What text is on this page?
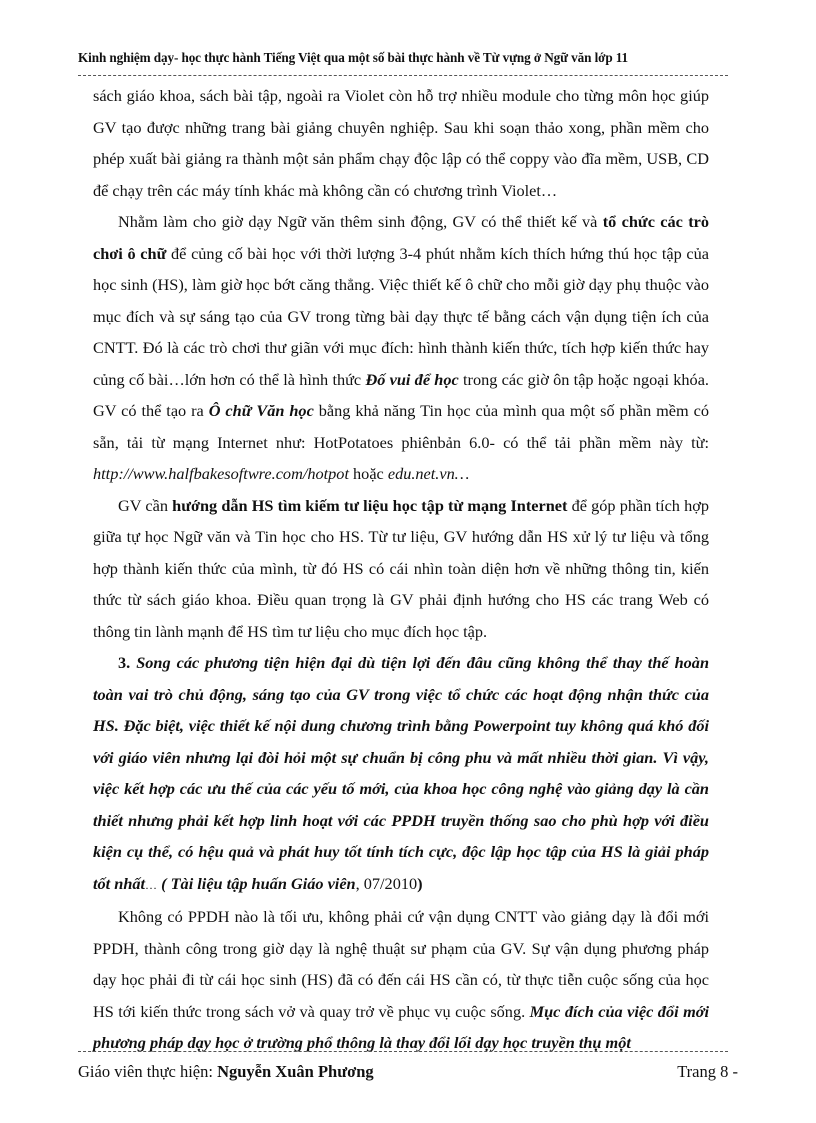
Kinh nghiệm dạy- học thực hành Tiếng Việt qua một số bài thực hành về Từ vựng ở Ngữ văn lớp 11

sách giáo khoa, sách bài tập, ngoài ra Violet còn hỗ trợ nhiều module cho từng môn học giúp GV tạo được những trang bài giảng chuyên nghiệp. Sau khi soạn thảo xong, phần mềm cho phép xuất bài giảng ra thành một sản phẩm chạy độc lập có thể coppy vào đĩa mềm, USB, CD để chạy trên các máy tính khác mà không cần có chương trình Violet…

Nhằm làm cho giờ dạy Ngữ văn thêm sinh động, GV có thể thiết kế và tổ chức các trò chơi ô chữ để củng cố bài học với thời lượng 3-4 phút nhằm kích thích hứng thú học tập của học sinh (HS), làm giờ học bớt căng thẳng. Việc thiết kế ô chữ cho mỗi giờ dạy phụ thuộc vào mục đích và sự sáng tạo của GV trong từng bài dạy thực tế bằng cách vận dụng tiện ích của CNTT. Đó là các trò chơi thư giãn với mục đích: hình thành kiến thức, tích hợp kiến thức hay củng cố bài…lớn hơn có thể là hình thức Đố vui để học trong các giờ ôn tập hoặc ngoại khóa. GV có thể tạo ra Ô chữ Văn học bằng khả năng Tin học của mình qua một số phần mềm có sẵn, tải từ mạng Internet như: HotPotatoes phiênbản 6.0- có thể tải phần mềm này từ: http://www.halfbakesoftwre.com/hotpot hoặc edu.net.vn…

GV cần hướng dẫn HS tìm kiếm tư liệu học tập từ mạng Internet để góp phần tích hợp giữa tự học Ngữ văn và Tin học cho HS. Từ tư liệu, GV hướng dẫn HS xử lý tư liệu và tổng hợp thành kiến thức của mình, từ đó HS có cái nhìn toàn diện hơn về những thông tin, kiến thức từ sách giáo khoa. Điều quan trọng là GV phải định hướng cho HS các trang Web có thông tin lành mạnh để HS tìm tư liệu cho mục đích học tập.

3. Song các phương tiện hiện đại dù tiện lợi đến đâu cũng không thể thay thế hoàn toàn vai trò chủ động, sáng tạo của GV trong việc tổ chức các hoạt động nhận thức của HS. Đặc biệt, việc thiết kế nội dung chương trình bằng Powerpoint tuy không quá khó đối với giáo viên nhưng lại đòi hỏi một sự chuẩn bị công phu và mất nhiều thời gian. Vì vậy, việc kết hợp các ưu thế của các yếu tố mới, của khoa học công nghệ vào giảng dạy là cần thiết nhưng phải kết hợp linh hoạt với các PPDH truyền thống sao cho phù hợp với điều kiện cụ thể, có hệu quả và phát huy tốt tính tích cực, độc lập học tập của HS là giải pháp tốt nhất… ( Tài liệu tập huấn Giáo viên, 07/2010)

Không có PPDH nào là tối ưu, không phải cứ vận dụng CNTT vào giảng dạy là đổi mới PPDH, thành công trong giờ dạy là nghệ thuật sư phạm của GV. Sự vận dụng phương pháp dạy học phải đi từ cái học sinh (HS) đã có đến cái HS cần có, từ thực tiễn cuộc sống của học HS tới kiến thức trong sách vở và quay trở về phục vụ cuộc sống. Mục đích của việc đổi mới phương pháp dạy học ở trường phổ thông là thay đổi lối dạy học truyền thụ một

Giáo viên thực hiện: Nguyễn Xuân Phương	Trang 8 -
